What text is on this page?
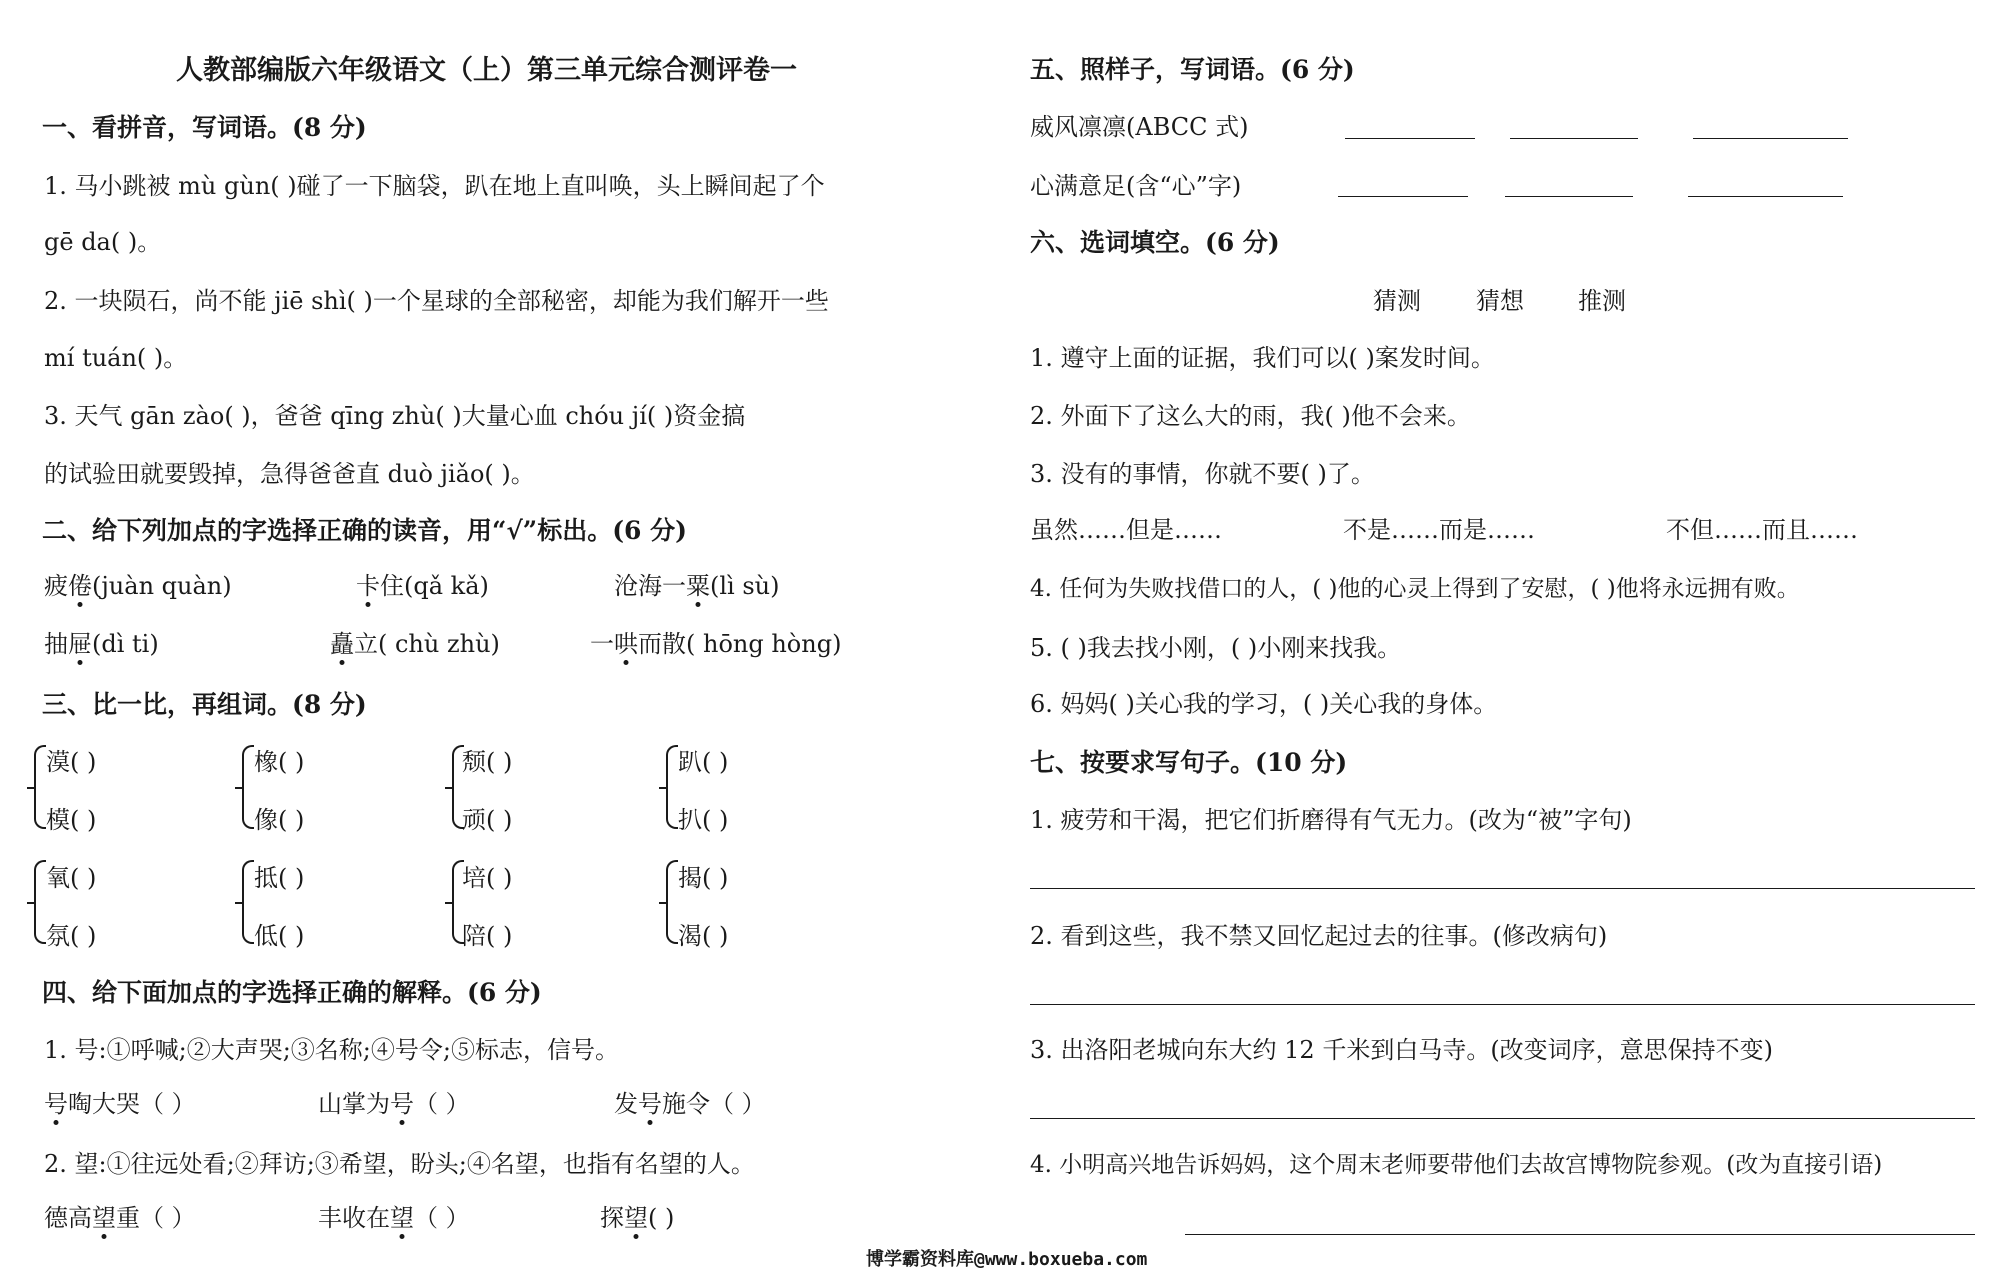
人教部编版六年级语文（上）第三单元综合测评卷一
一、看拼音，写词语。(8 分)
1. 马小跳被 mù gùn( )碰了一下脑袋，趴在地上直叫唤，头上瞬间起了个
gē da( )。
2. 一块陨石，尚不能 jiē shì( )一个星球的全部秘密，却能为我们解开一些
mí tuán( )。
3. 天气 gān zào( )，爸爸 qīng zhù( )大量心血 chóu jí( )资金搞
的试验田就要毁掉，急得爸爸直 duò jiǎo( )。
二、给下列加点的字选择正确的读音，用“√”标出。(6 分)
疲倦(juàn quàn)	卡住(qǎ kǎ)	沧海一粟(lì sù)
抽屉(dì ti)	矗立( chù zhù)	一哄而散( hōng hòng)
三、比一比，再组词。(8 分)
漠( )
模( )
橡( )
像( )
颓( )
顽( )
趴( )
扒( )
氧( )
氛( )
抵( )
低( )
培( )
陪( )
揭( )
渴( )
四、给下面加点的字选择正确的解释。(6 分)
1. 号:①呼喊;②大声哭;③名称;④号令;⑤标志，信号。
号啕大哭（ ）	山掌为号（ ）	发号施令（ ）
2. 望:①往远处看;②拜访;③希望，盼头;④名望，也指有名望的人。
德高望重（ ）	丰收在望（ ）	探望( )
五、照样子，写词语。(6 分)
威风凛凛(ABCC 式)
心满意足(含“心”字)
六、选词填空。(6 分)
猜测 猜想 推测
1. 遵守上面的证据，我们可以( )案发时间。
2. 外面下了这么大的雨，我( )他不会来。
3. 没有的事情，你就不要( )了。
虽然……但是……	不是……而是……	不但……而且……
4. 任何为失败找借口的人，( )他的心灵上得到了安慰，( )他将永远拥有败。
5. ( )我去找小刚，( )小刚来找我。
6. 妈妈( )关心我的学习，( )关心我的身体。
七、按要求写句子。(10 分)
1. 疲劳和干渴，把它们折磨得有气无力。(改为“被”字句)
2. 看到这些，我不禁又回忆起过去的往事。(修改病句)
3. 出洛阳老城向东大约 12 千米到白马寺。(改变词序，意思保持不变)
4. 小明高兴地告诉妈妈，这个周末老师要带他们去故宫博物院参观。(改为直接引语)
博学霸资料库@www.boxueba.com
